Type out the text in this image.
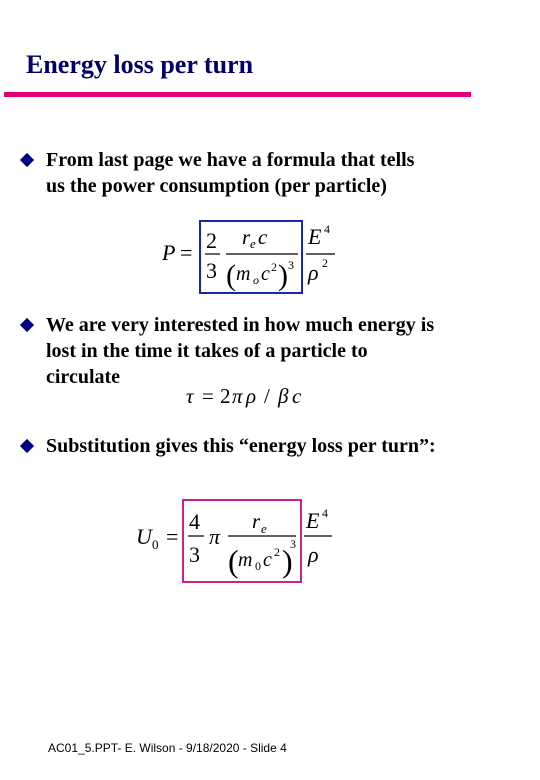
Energy loss per turn
From last page we have a formula that tells
us the power consumption (per particle)
P = 2
3
r e c
( m o c 2 ) 3
E 4
ρ 2
We are very interested in how much energy is
lost in the time it takes of a particle to
circulate
τ = 2 π ρ / β c
Substitution gives this “energy loss per turn”:
U 0 =
4
3
π
r e
( m 0 c 2 )
3
E 4
ρ
AC01_5.PPT- E. Wilson - 9/18/2020 - Slide 4
